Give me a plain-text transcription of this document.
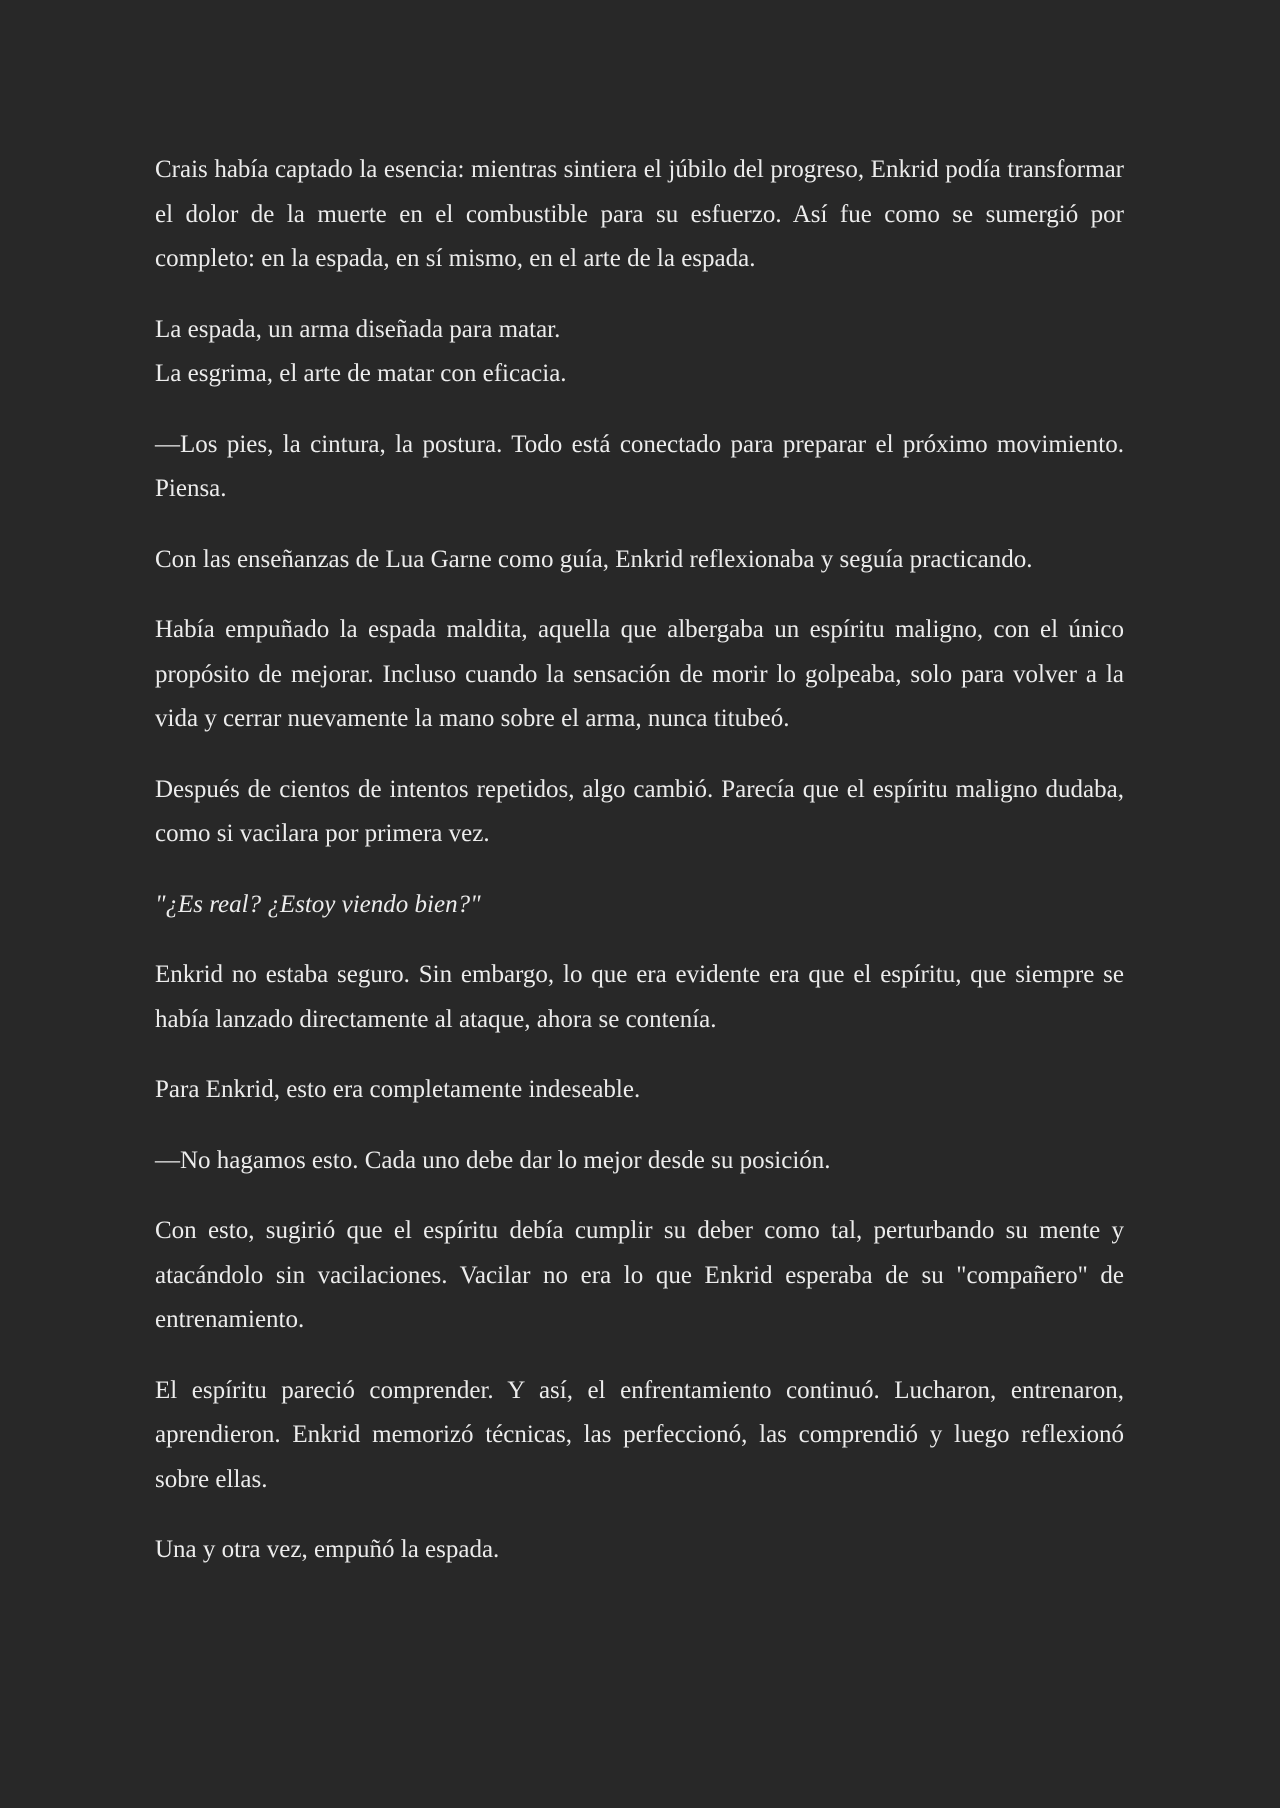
Crais había captado la esencia: mientras sintiera el júbilo del progreso, Enkrid podía transformar el dolor de la muerte en el combustible para su esfuerzo. Así fue como se sumergió por completo: en la espada, en sí mismo, en el arte de la espada.

La espada, un arma diseñada para matar.
La esgrima, el arte de matar con eficacia.

—Los pies, la cintura, la postura. Todo está conectado para preparar el próximo movimiento. Piensa.

Con las enseñanzas de Lua Garne como guía, Enkrid reflexionaba y seguía practicando.

Había empuñado la espada maldita, aquella que albergaba un espíritu maligno, con el único propósito de mejorar. Incluso cuando la sensación de morir lo golpeaba, solo para volver a la vida y cerrar nuevamente la mano sobre el arma, nunca titubeó.

Después de cientos de intentos repetidos, algo cambió. Parecía que el espíritu maligno dudaba, como si vacilara por primera vez.

"¿Es real? ¿Estoy viendo bien?"

Enkrid no estaba seguro. Sin embargo, lo que era evidente era que el espíritu, que siempre se había lanzado directamente al ataque, ahora se contenía.

Para Enkrid, esto era completamente indeseable.

—No hagamos esto. Cada uno debe dar lo mejor desde su posición.

Con esto, sugirió que el espíritu debía cumplir su deber como tal, perturbando su mente y atacándolo sin vacilaciones. Vacilar no era lo que Enkrid esperaba de su "compañero" de entrenamiento.

El espíritu pareció comprender. Y así, el enfrentamiento continuó. Lucharon, entrenaron, aprendieron. Enkrid memorizó técnicas, las perfeccionó, las comprendió y luego reflexionó sobre ellas.

Una y otra vez, empuñó la espada.
